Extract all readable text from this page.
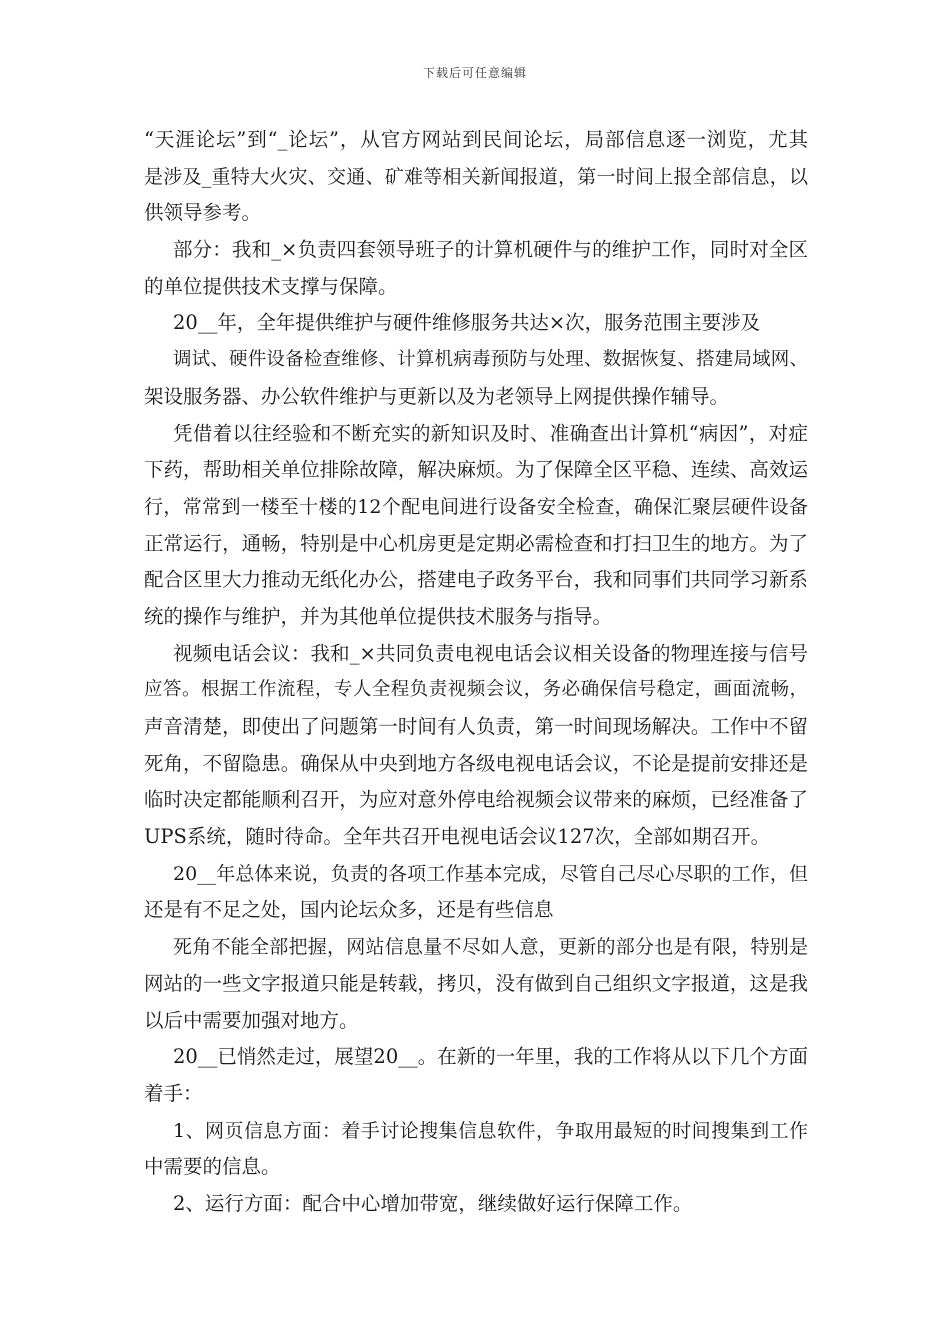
下载后可任意编辑
“天涯论坛”到“_论坛”，从官方网站到民间论坛，局部信息逐一浏览，尤其
是涉及_重特大火灾、交通、矿难等相关新闻报道，第一时间上报全部信息，以
供领导参考。
部分：我和_×负责四套领导班子的计算机硬件与的维护工作，同时对全区
的单位提供技术支撑与保障。
20__年，全年提供维护与硬件维修服务共达×次，服务范围主要涉及
调试、硬件设备检查维修、计算机病毒预防与处理、数据恢复、搭建局域网、
架设服务器、办公软件维护与更新以及为老领导上网提供操作辅导。
凭借着以往经验和不断充实的新知识及时、准确查出计算机“病因”，对症
下药，帮助相关单位排除故障，解决麻烦。为了保障全区平稳、连续、高效运
行，常常到一楼至十楼的12个配电间进行设备安全检查，确保汇聚层硬件设备
正常运行，通畅，特别是中心机房更是定期必需检查和打扫卫生的地方。为了
配合区里大力推动无纸化办公，搭建电子政务平台，我和同事们共同学习新系
统的操作与维护，并为其他单位提供技术服务与指导。
视频电话会议：我和_×共同负责电视电话会议相关设备的物理连接与信号
应答。根据工作流程，专人全程负责视频会议，务必确保信号稳定，画面流畅，
声音清楚，即使出了问题第一时间有人负责，第一时间现场解决。工作中不留
死角，不留隐患。确保从中央到地方各级电视电话会议，不论是提前安排还是
临时决定都能顺利召开，为应对意外停电给视频会议带来的麻烦，已经准备了
UPS系统，随时待命。全年共召开电视电话会议127次，全部如期召开。
20__年总体来说，负责的各项工作基本完成，尽管自己尽心尽职的工作，但
还是有不足之处，国内论坛众多，还是有些信息
死角不能全部把握，网站信息量不尽如人意，更新的部分也是有限，特别是
网站的一些文字报道只能是转载，拷贝，没有做到自己组织文字报道，这是我
以后中需要加强对地方。
20__已悄然走过，展望20__。在新的一年里，我的工作将从以下几个方面
着手：
1、网页信息方面：着手讨论搜集信息软件，争取用最短的时间搜集到工作
中需要的信息。
2、运行方面：配合中心增加带宽，继续做好运行保障工作。
